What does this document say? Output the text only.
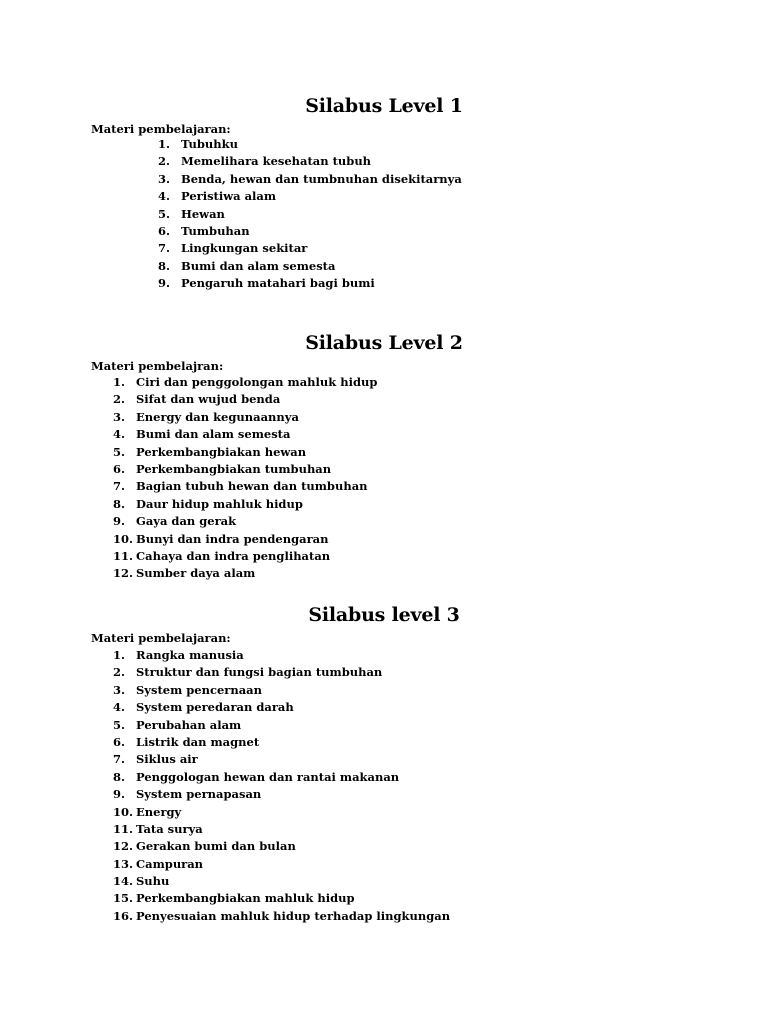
Silabus Level 1

Materi pembelajaran:

1. Tubuhku
2. Memelihara kesehatan tubuh
3. Benda, hewan dan tumbnuhan disekitarnya
4. Peristiwa alam
5. Hewan
6. Tumbuhan
7. Lingkungan sekitar
8. Bumi dan alam semesta
9. Pengaruh matahari bagi bumi
Silabus Level 2

Materi pembelajran:

1. Ciri dan penggolongan mahluk hidup
2. Sifat dan wujud benda
3. Energy dan kegunaannya
4. Bumi dan alam semesta
5. Perkembangbiakan hewan
6. Perkembangbiakan tumbuhan
7. Bagian tubuh hewan dan tumbuhan
8. Daur hidup mahluk hidup
9. Gaya dan gerak
10. Bunyi dan indra pendengaran
11. Cahaya dan indra penglihatan
12. Sumber daya alam
Silabus level 3

Materi pembelajaran:

1. Rangka manusia
2. Struktur dan fungsi bagian tumbuhan
3. System pencernaan
4. System peredaran darah
5. Perubahan alam
6. Listrik dan magnet
7. Siklus air
8. Penggologan hewan dan rantai makanan
9. System pernapasan
10. Energy
11. Tata surya
12. Gerakan bumi dan bulan
13. Campuran
14. Suhu
15. Perkembangbiakan mahluk hidup
16. Penyesuaian mahluk hidup terhadap lingkungan
